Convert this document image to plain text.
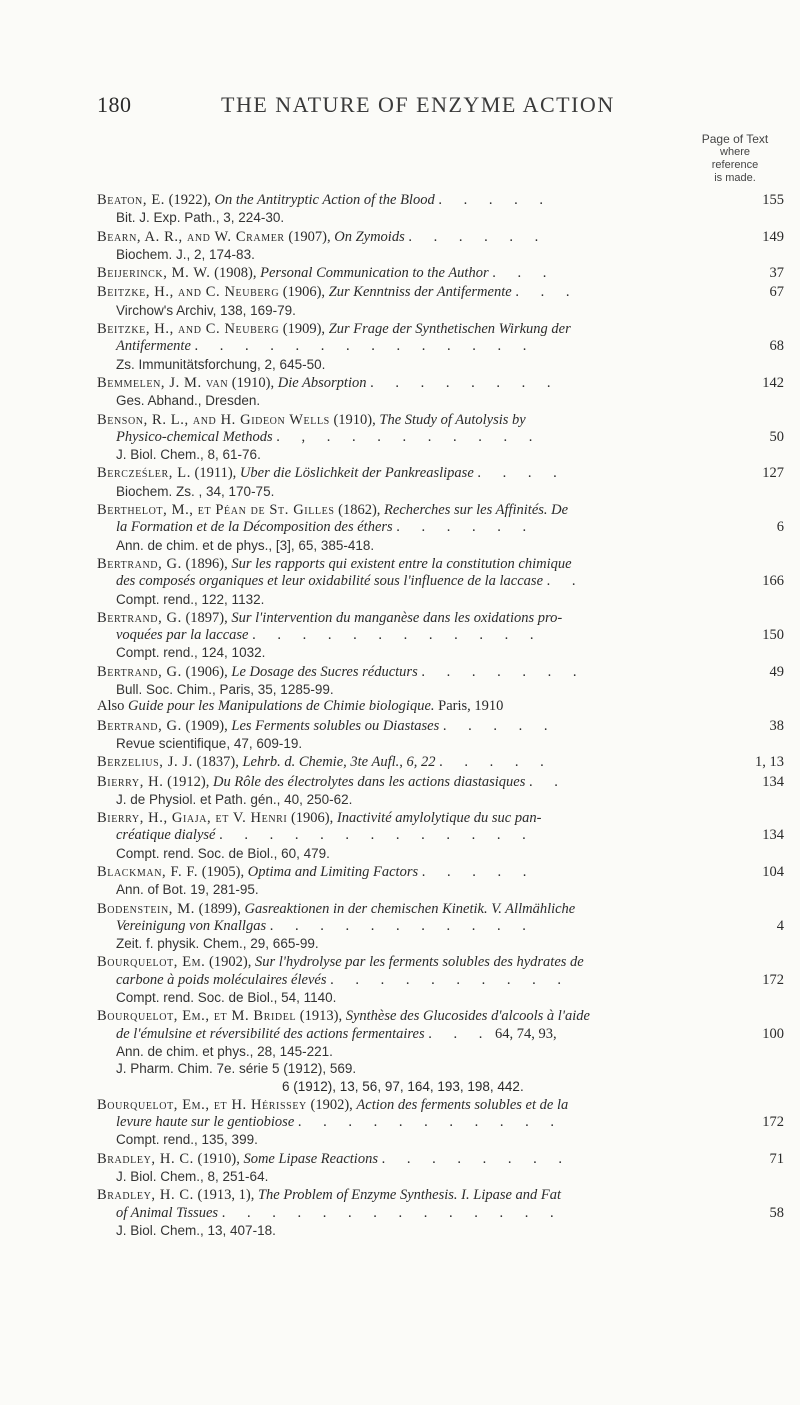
180	THE NATURE OF ENZYME ACTION
Page of Text
where
reference
is made.
Beaton, E. (1922), On the Antitryptic Action of the Blood . . . . .	155
Bit. J. Exp. Path., 3, 224-30.
Bearn, A. R., and W. Cramer (1907), On Zymoids . . . . . .	149
Biochem. J., 2, 174-83.
Beijerinck, M. W. (1908), Personal Communication to the Author . . .	37
Beitzke, H., and C. Neuberg (1906), Zur Kenntniss der Antifermente . . .	67
Virchow's Archiv, 138, 169-79.
Beitzke, H., and C. Neuberg (1909), Zur Frage der Synthetischen Wirkung der
Antifermente . . . . . . . . . . . . . .	68
Zs. Immunitätsforchung, 2, 645-50.
Bemmelen, J. M. van (1910), Die Absorption . . . . . . . .	142
Ges. Abhand., Dresden.
Benson, R. L., and H. Gideon Wells (1910), The Study of Autolysis by
Physico-chemical Methods . , . . . . . . . . .	50
J. Biol. Chem., 8, 61-76.
Bercześler, L. (1911), Uber die Löslichkeit der Pankreaslipase . . . .	127
Biochem. Zs. , 34, 170-75.
Berthelot, M., et Péan de St. Gilles (1862), Recherches sur les Affinités. De
la Formation et de la Décomposition des éthers . . . . . .	6
Ann. de chim. et de phys., [3], 65, 385-418.
Bertrand, G. (1896), Sur les rapports qui existent entre la constitution chimique
des composés organiques et leur oxidabilité sous l'influence de la laccase . .	166
Compt. rend., 122, 1132.
Bertrand, G. (1897), Sur l'intervention du manganèse dans les oxidations pro-
voquées par la laccase . . . . . . . . . . . .	150
Compt. rend., 124, 1032.
Bertrand, G. (1906), Le Dosage des Sucres réducturs . . . . . . .	49
Bull. Soc. Chim., Paris, 35, 1285-99.
Also Guide pour les Manipulations de Chimie biologique. Paris, 1910
Bertrand, G. (1909), Les Ferments solubles ou Diastases . . . . .	38
Revue scientifique, 47, 609-19.
Berzelius, J. J. (1837), Lehrb. d. Chemie, 3te Aufl., 6, 22 . . . . .	1, 13
Bierry, H. (1912), Du Rôle des électrolytes dans les actions diastasiques . .	134
J. de Physiol. et Path. gén., 40, 250-62.
Bierry, H., Giaja, et V. Henri (1906), Inactivité amylolytique du suc pan-
créatique dialysé . . . . . . . . . . . . .	134
Compt. rend. Soc. de Biol., 60, 479.
Blackman, F. F. (1905), Optima and Limiting Factors . . . . .	104
Ann. of Bot. 19, 281-95.
Bodenstein, M. (1899), Gasreaktionen in der chemischen Kinetik. V. Allmähliche
Vereinigung von Knallgas . . . . . . . . . . .	4
Zeit. f. physik. Chem., 29, 665-99.
Bourquelot, Em. (1902), Sur l'hydrolyse par les ferments solubles des hydrates de
carbone à poids moléculaires élevés . . . . . . . . . .	172
Compt. rend. Soc. de Biol., 54, 1140.
Bourquelot, Em., et M. Bridel (1913), Synthèse des Glucosides d'alcools à l'aide
de l'émulsine et réversibilité des actions fermentaires . . . 64, 74, 93,	100
Ann. de chim. et phys., 28, 145-221.
J. Pharm. Chim. 7e. série 5 (1912), 569.
6 (1912), 13, 56, 97, 164, 193, 198, 442.
Bourquelot, Em., et H. Hérissey (1902), Action des ferments solubles et de la
levure haute sur le gentiobiose . . . . . . . . . . .	172
Compt. rend., 135, 399.
Bradley, H. C. (1910), Some Lipase Reactions . . . . . . . .	71
J. Biol. Chem., 8, 251-64.
Bradley, H. C. (1913, 1), The Problem of Enzyme Synthesis. I. Lipase and Fat
of Animal Tissues . . . . . . . . . . . . . .	58
J. Biol. Chem., 13, 407-18.
